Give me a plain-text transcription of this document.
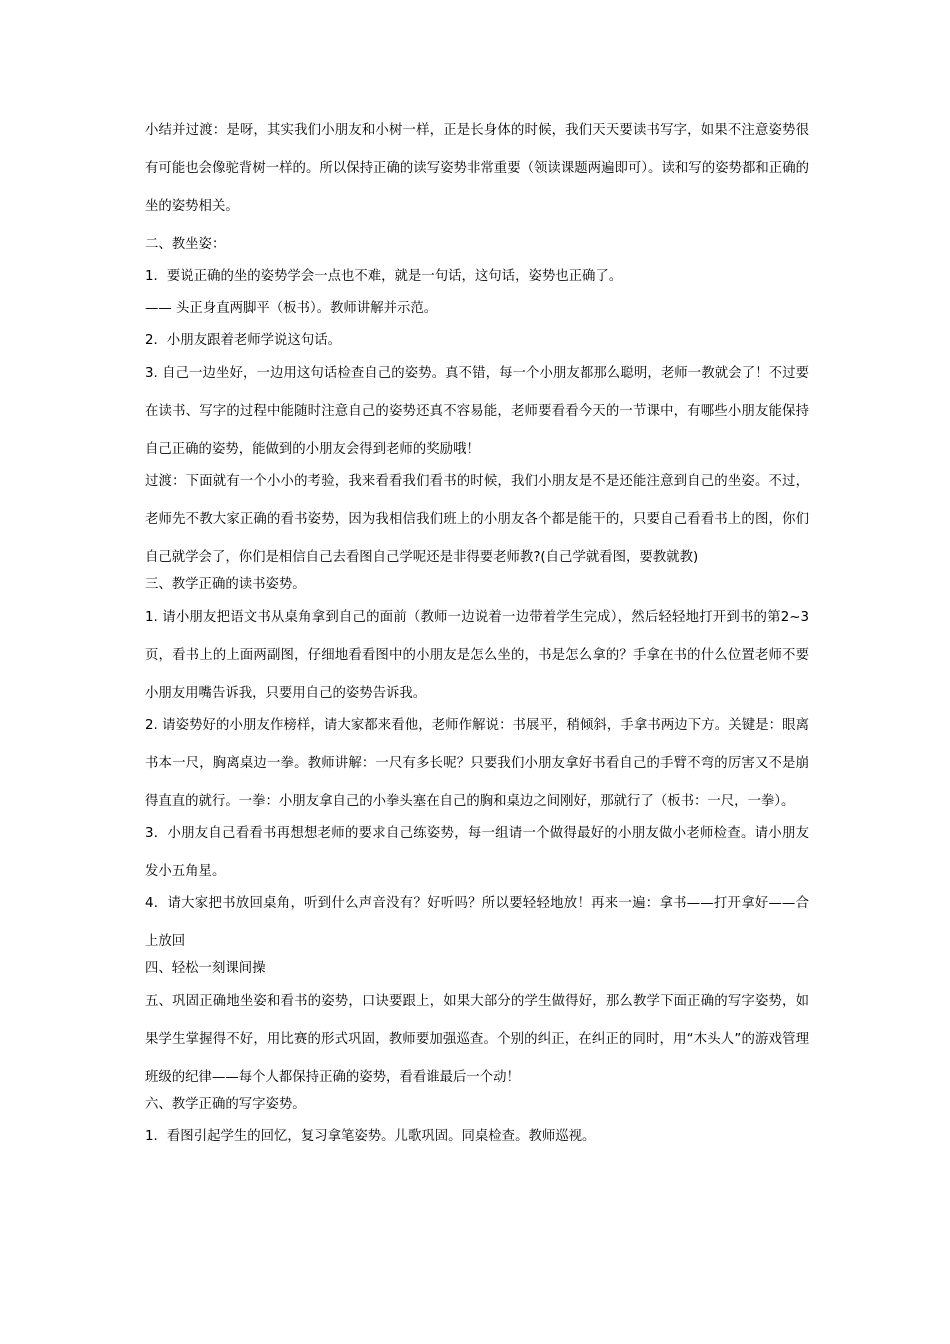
小结并过渡：是呀，其实我们小朋友和小树一样，正是长身体的时候，我们天天要读书写字，如果不注意姿势很有可能也会像驼背树一样的。所以保持正确的读写姿势非常重要（领读课题两遍即可）。读和写的姿势都和正确的坐的姿势相关。

二、教坐姿：

1．要说正确的坐的姿势学会一点也不难，就是一句话，这句话，姿势也正确了。

—— 头正身直两脚平（板书）。教师讲解并示范。

2．小朋友跟着老师学说这句话。

3. 自己一边坐好，一边用这句话检查自己的姿势。真不错，每一个小朋友都那么聪明，老师一教就会了！不过要在读书、写字的过程中能随时注意自己的姿势还真不容易能，老师要看看今天的一节课中，有哪些小朋友能保持自己正确的姿势，能做到的小朋友会得到老师的奖励哦！

过渡：下面就有一个小小的考验，我来看看我们看书的时候，我们小朋友是不是还能注意到自己的坐姿。不过，老师先不教大家正确的看书姿势，因为我相信我们班上的小朋友各个都是能干的，只要自己看看书上的图，你们自己就学会了，你们是相信自己去看图自己学呢还是非得要老师教?(自己学就看图，要教就教)

三、教学正确的读书姿势。

1. 请小朋友把语文书从桌角拿到自己的面前（教师一边说着一边带着学生完成），然后轻轻地打开到书的第2~3页，看书上的上面两副图，仔细地看看图中的小朋友是怎么坐的，书是怎么拿的？手拿在书的什么位置老师不要小朋友用嘴告诉我，只要用自己的姿势告诉我。

2. 请姿势好的小朋友作榜样，请大家都来看他，老师作解说：书展平，稍倾斜，手拿书两边下方。关键是：眼离书本一尺，胸离桌边一拳。教师讲解：一尺有多长呢？只要我们小朋友拿好书看自己的手臂不弯的厉害又不是崩得直直的就行。一拳：小朋友拿自己的小拳头塞在自己的胸和桌边之间刚好，那就行了（板书：一尺，一拳）。

3．小朋友自己看看书再想想老师的要求自己练姿势，每一组请一个做得最好的小朋友做小老师检查。请小朋友发小五角星。

4．请大家把书放回桌角，听到什么声音没有？好听吗？所以要轻轻地放！再来一遍：拿书——打开拿好——合上放回

四、轻松一刻课间操

五、巩固正确地坐姿和看书的姿势，口诀要跟上，如果大部分的学生做得好，那么教学下面正确的写字姿势，如果学生掌握得不好，用比赛的形式巩固，教师要加强巡查。个别的纠正，在纠正的同时，用“木头人”的游戏管理班级的纪律——每个人都保持正确的姿势，看看谁最后一个动！

六、教学正确的写字姿势。

1．看图引起学生的回忆，复习拿笔姿势。儿歌巩固。同桌检查。教师巡视。
